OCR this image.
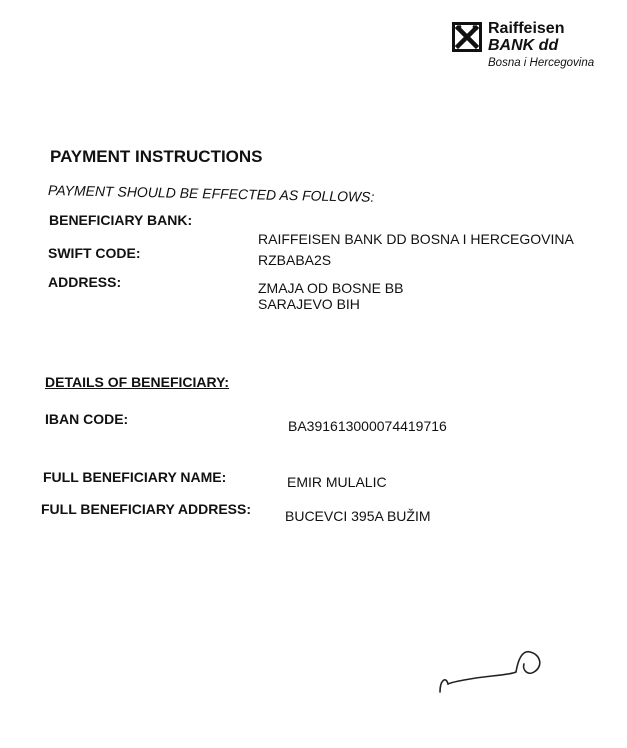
Raiffeisen
BANK dd
Bosna i Hercegovina
PAYMENT INSTRUCTIONS
PAYMENT SHOULD BE EFFECTED AS FOLLOWS:
BENEFICIARY BANK:
RAIFFEISEN BANK DD BOSNA I HERCEGOVINA
SWIFT CODE:	RZBABA2S
ADDRESS:	ZMAJA OD BOSNE BB
SARAJEVO BIH
DETAILS OF BENEFICIARY:
IBAN CODE:	BA391613000074419716
FULL BENEFICIARY NAME:	EMIR MULALIC
FULL BENEFICIARY ADDRESS: BUCEVCI 395A BUŽIM
